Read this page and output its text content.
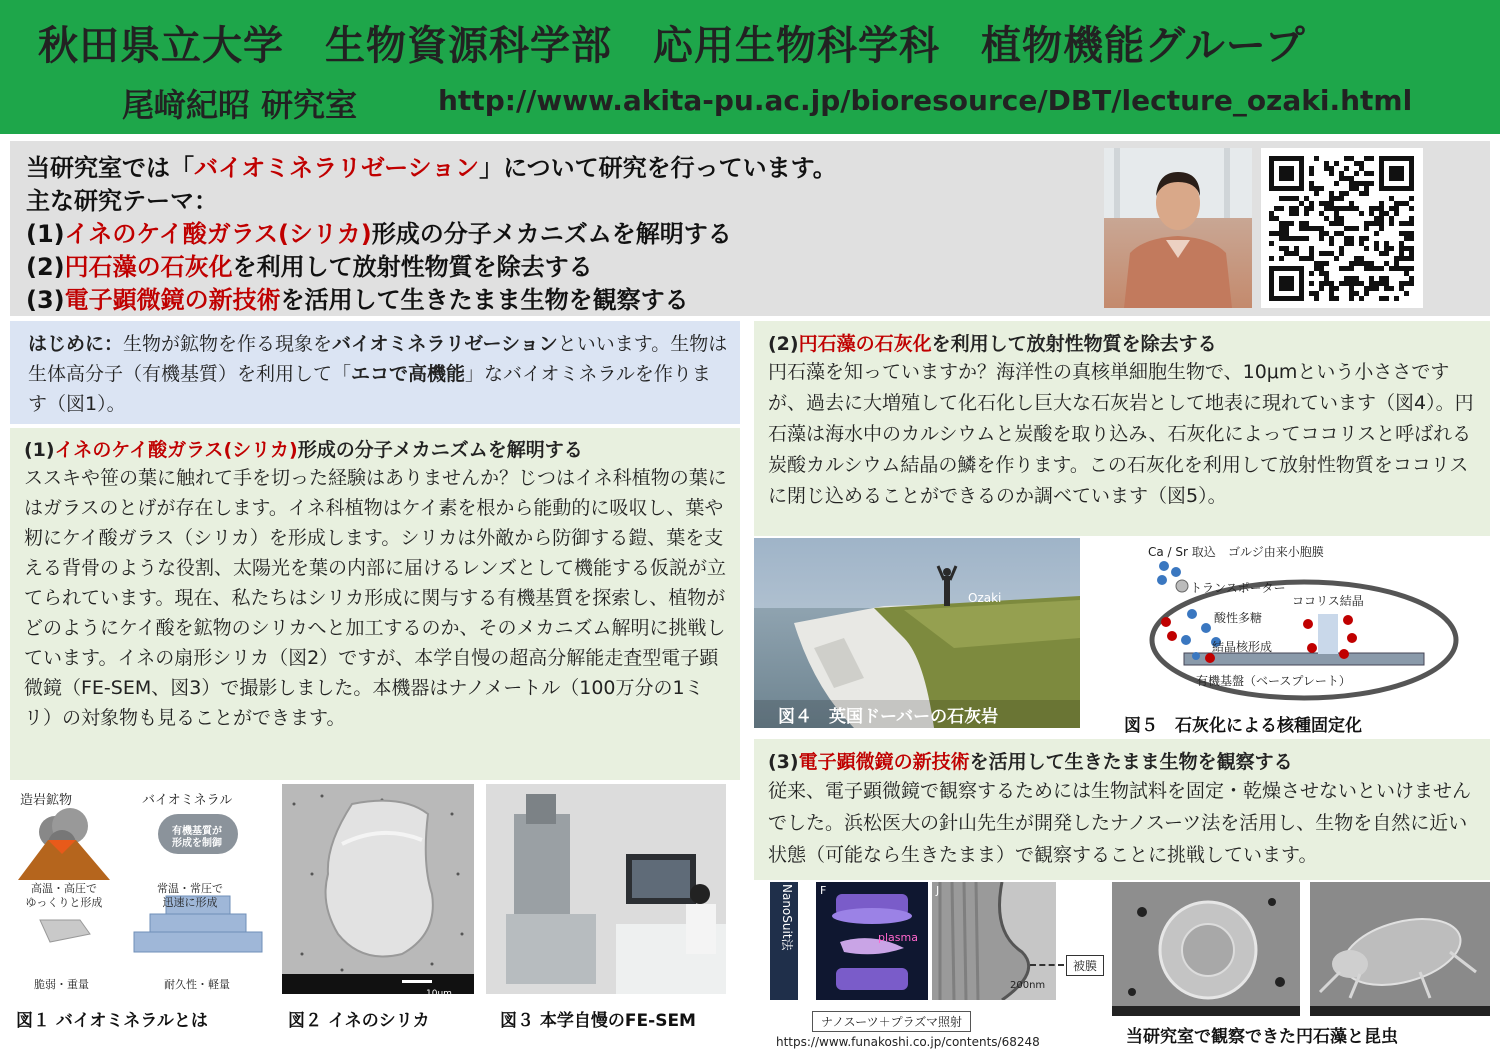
秋田県立大学　生物資源科学部　応用生物科学科　植物機能グループ
尾﨑紀昭 研究室	http://www.akita-pu.ac.jp/bioresource/DBT/lecture_ozaki.html
当研究室では「バイオミネラリゼーション」について研究を行っています。
主な研究テーマ：
(1)イネのケイ酸ガラス(シリカ)形成の分子メカニズムを解明する
(2)円石藻の石灰化を利用して放射性物質を除去する
(3)電子顕微鏡の新技術を活用して生きたまま生物を観察する
はじめに：生物が鉱物を作る現象をバイオミネラリゼーションといいます。生物は生体高分子（有機基質）を利用して「エコで高機能」なバイオミネラルを作ります（図1）。
(1)イネのケイ酸ガラス(シリカ)形成の分子メカニズムを解明する
ススキや笹の葉に触れて手を切った経験はありませんか？じつはイネ科植物の葉にはガラスのとげが存在します。イネ科植物はケイ素を根から能動的に吸収し、葉や籾にケイ酸ガラス（シリカ）を形成します。シリカは外敵から防御する鎧、葉を支える背骨のような役割、太陽光を葉の内部に届けるレンズとして機能する仮説が立てられています。現在、私たちはシリカ形成に関与する有機基質を探索し、植物がどのようにケイ酸を鉱物のシリカへと加工するのか、そのメカニズム解明に挑戦しています。イネの扇形シリカ（図2）ですが、本学自慢の超高分解能走査型電子顕微鏡（FE-SEM、図3）で撮影しました。本機器はナノメートル（100万分の1ミリ）の対象物も見ることができます。
(2)円石藻の石灰化を利用して放射性物質を除去する
円石藻を知っていますか？海洋性の真核単細胞生物で、10μmという小ささですが、過去に大増殖して化石化し巨大な石灰岩として地表に現れています（図4）。円石藻は海水中のカルシウムと炭酸を取り込み、石灰化によってココリスと呼ばれる炭酸カルシウム結晶の鱗を作ります。この石灰化を利用して放射性物質をココリスに閉じ込めることができるのか調べています（図5）。
(3)電子顕微鏡の新技術を活用して生きたまま生物を観察する
従来、電子顕微鏡で観察するためには生物試料を固定・乾燥させないといけませんでした。浜松医大の針山先生が開発したナノスーツ法を活用し、生物を自然に近い状態（可能なら生きたまま）で観察することに挑戦しています。
Ozaki
図４　英国ドーバーの石灰岩
Ca / Sr 取込 ゴルジ由来小胞膜
トランスポーター
ココリス結晶
酸性多糖
結晶核形成
有機基盤（ベースプレート）
図５　石灰化による核種固定化
造岩鉱物	バイオミネラル
有機基質が
形成を制御
高温・高圧で
ゆっくりと形成
常温・常圧で
迅速に形成
脆弱・重量	耐久性・軽量
図１ バイオミネラルとは
10μm
図２ イネのシリカ	図３ 本学自慢のFE-SEM
NanoSuit法 F
plasma
J
200nm
被膜
ナノスーツ＋プラズマ照射
https://www.funakoshi.co.jp/contents/68248	当研究室で観察できた円石藻と昆虫
